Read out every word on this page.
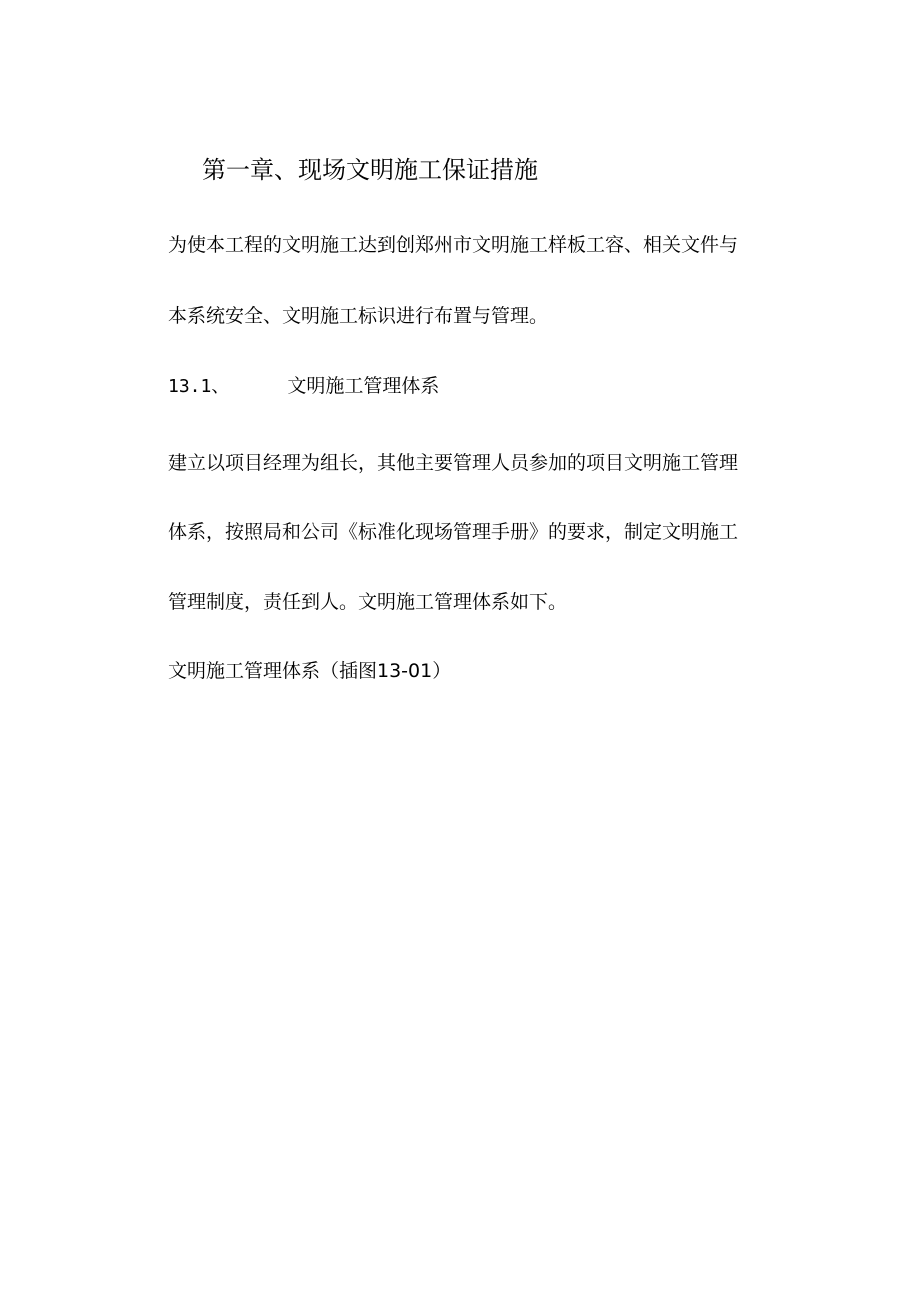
第一章、现场文明施工保证措施
为使本工程的文明施工达到创郑州市文明施工样板工容、相关文件与
本系统安全、文明施工标识进行布置与管理。
13.1、	文明施工管理体系
建立以项目经理为组长，其他主要管理人员参加的项目文明施工管理
体系，按照局和公司《标准化现场管理手册》的要求，制定文明施工
管理制度，责任到人。文明施工管理体系如下。
文明施工管理体系（插图13-01）
